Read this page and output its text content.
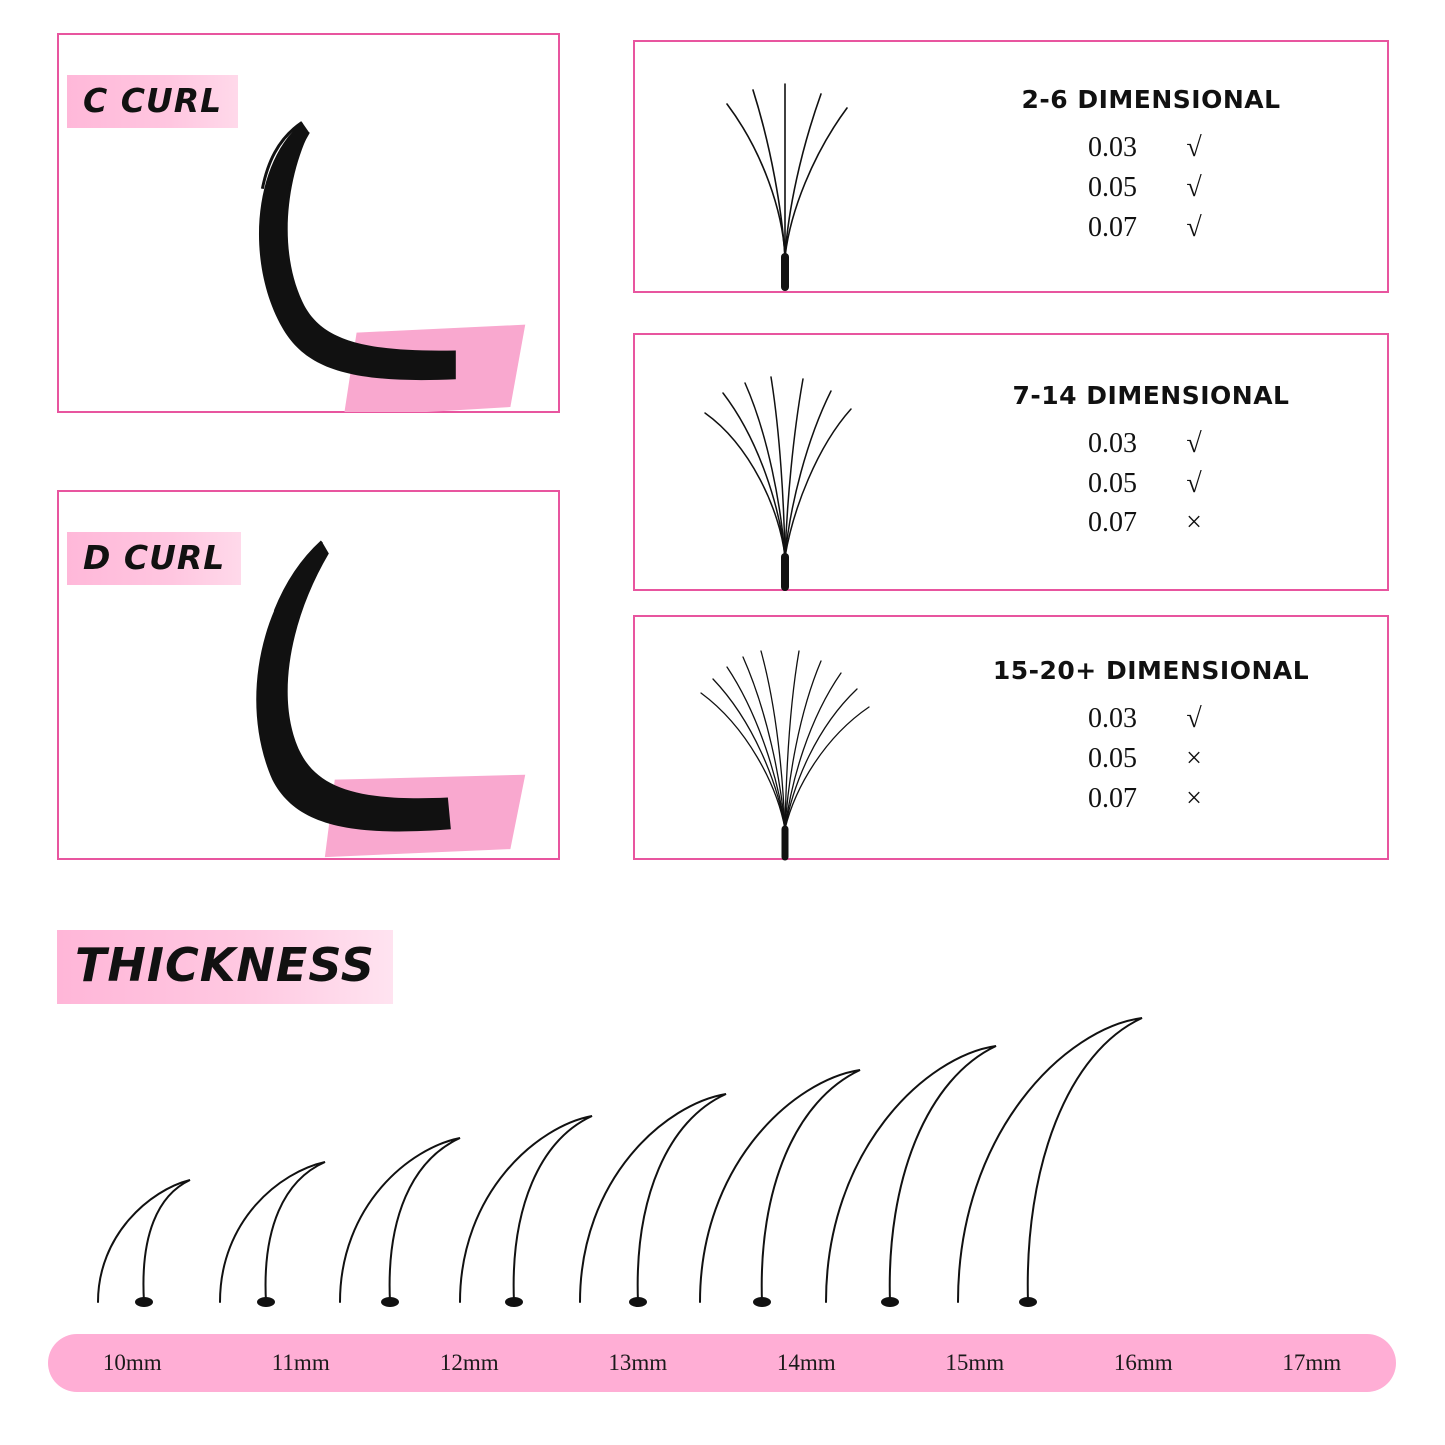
C CURL
D CURL
2-6 DIMENSIONAL
0.03	√
0.05	√
0.07	√
7-14 DIMENSIONAL
0.03	√
0.05	√
0.07	×
15-20+ DIMENSIONAL
0.03	√
0.05	×
0.07	×
THICKNESS
10mm	11mm	12mm	13mm	14mm	15mm	16mm	17mm
